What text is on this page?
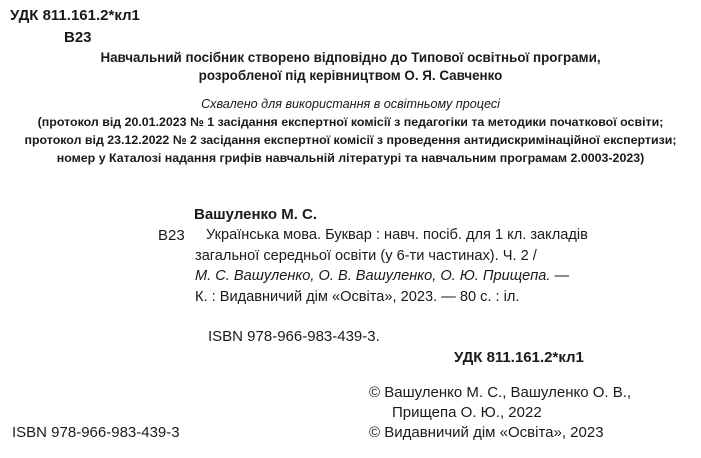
УДК 811.161.2*кл1
В23
Навчальний посібник створено відповідно до Типової освітньої програми,
розробленої під керівництвом О. Я. Савченко
Схвалено для використання в освітньому процесі
(протокол від 20.01.2023 № 1 засідання експертної комісії з педагогіки та методики початкової освіти;
протокол від 23.12.2022 № 2 засідання експертної комісії з проведення антидискримінаційної експертизи;
номер у Каталозі надання грифів навчальній літературі та навчальним програмам 2.0003-2023)
Вашуленко М. С.
В23 Українська мова. Буквар : навч. посіб. для 1 кл. закладів
загальної середньої освіти (у 6-ти частинах). Ч. 2 /
М. С. Вашуленко, О. В. Вашуленко, О. Ю. Прищепа. —
К. : Видавничий дім «Освіта», 2023. — 80 с. : іл.
ISBN 978-966-983-439-3.
УДК 811.161.2*кл1
© Вашуленко М. С., Вашуленко О. В.,
Прищепа О. Ю., 2022
© Видавничий дім «Освіта», 2023
ISBN 978-966-983-439-3
